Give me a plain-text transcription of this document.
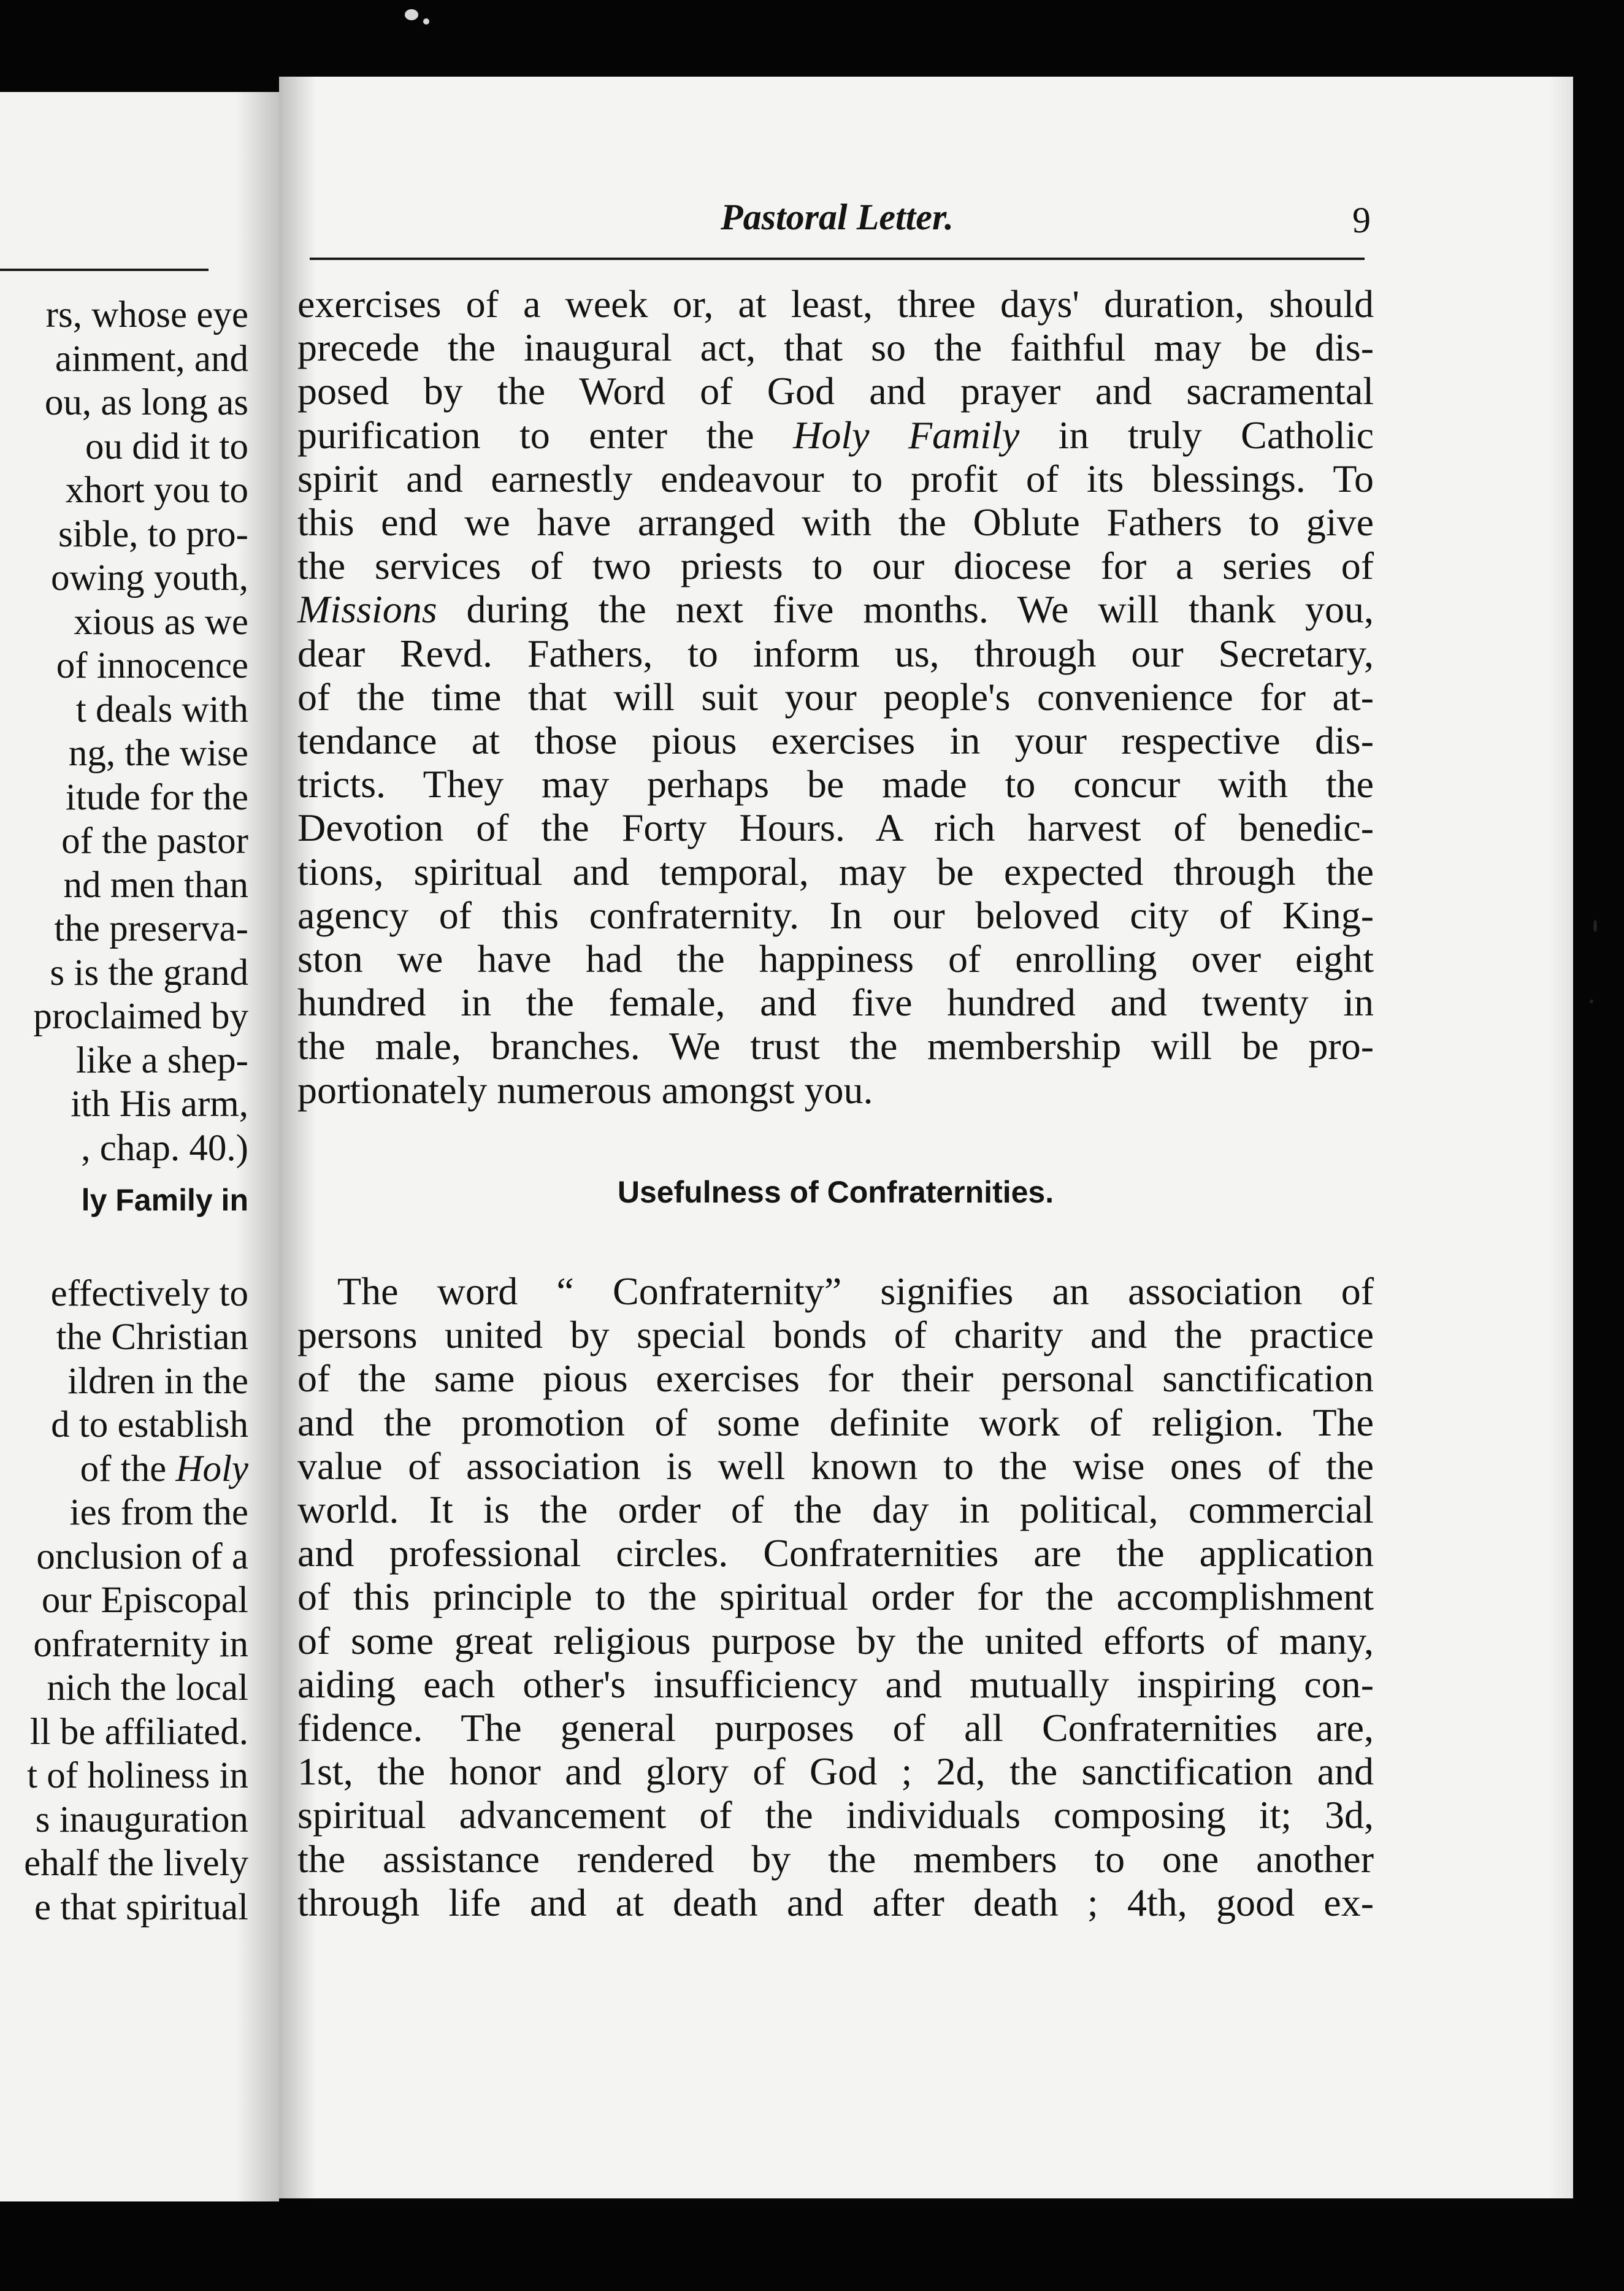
rs, whose eye
ainment, and
ou, as long as
ou did it to
xhort you to
sible, to pro-
owing youth,
xious as we
of innocence
t deals with
ng, the wise
itude for the
of the pastor
nd men than
the preserva-
s is the grand
proclaimed by
like a shep-
ith His arm,
, chap. 40.)
ly Family in
effectively to
the Christian
ildren in the
d to establish
of the Holy
ies from the
onclusion of a
our Episcopal
onfraternity in
nich the local
ll be affiliated.
t of holiness in
s inauguration
ehalf the lively
e that spiritual
Pastoral Letter.	9
exercises of a week or, at least, three days' duration, should
precede the inaugural act, that so the faithful may be dis-
posed by the Word of God and prayer and sacramental
purification to enter the Holy Family in truly Catholic
spirit and earnestly endeavour to profit of its blessings. To
this end we have arranged with the Oblute Fathers to give
the services of two priests to our diocese for a series of
Missions during the next five months. We will thank you,
dear Revd. Fathers, to inform us, through our Secretary,
of the time that will suit your people's convenience for at-
tendance at those pious exercises in your respective dis-
tricts. They may perhaps be made to concur with the
Devotion of the Forty Hours. A rich harvest of benedic-
tions, spiritual and temporal, may be expected through the
agency of this confraternity. In our beloved city of King-
ston we have had the happiness of enrolling over eight
hundred in the female, and five hundred and twenty in
the male, branches. We trust the membership will be pro-
portionately numerous amongst you.
Usefulness of Confraternities.
The word “ Confraternity” signifies an association of
persons united by special bonds of charity and the practice
of the same pious exercises for their personal sanctification
and the promotion of some definite work of religion. The
value of association is well known to the wise ones of the
world. It is the order of the day in political, commercial
and professional circles. Confraternities are the application
of this principle to the spiritual order for the accomplishment
of some great religious purpose by the united efforts of many,
aiding each other's insufficiency and mutually inspiring con-
fidence. The general purposes of all Confraternities are,
1st, the honor and glory of God ; 2d, the sanctification and
spiritual advancement of the individuals composing it; 3d,
the assistance rendered by the members to one another
through life and at death and after death ; 4th, good ex-
